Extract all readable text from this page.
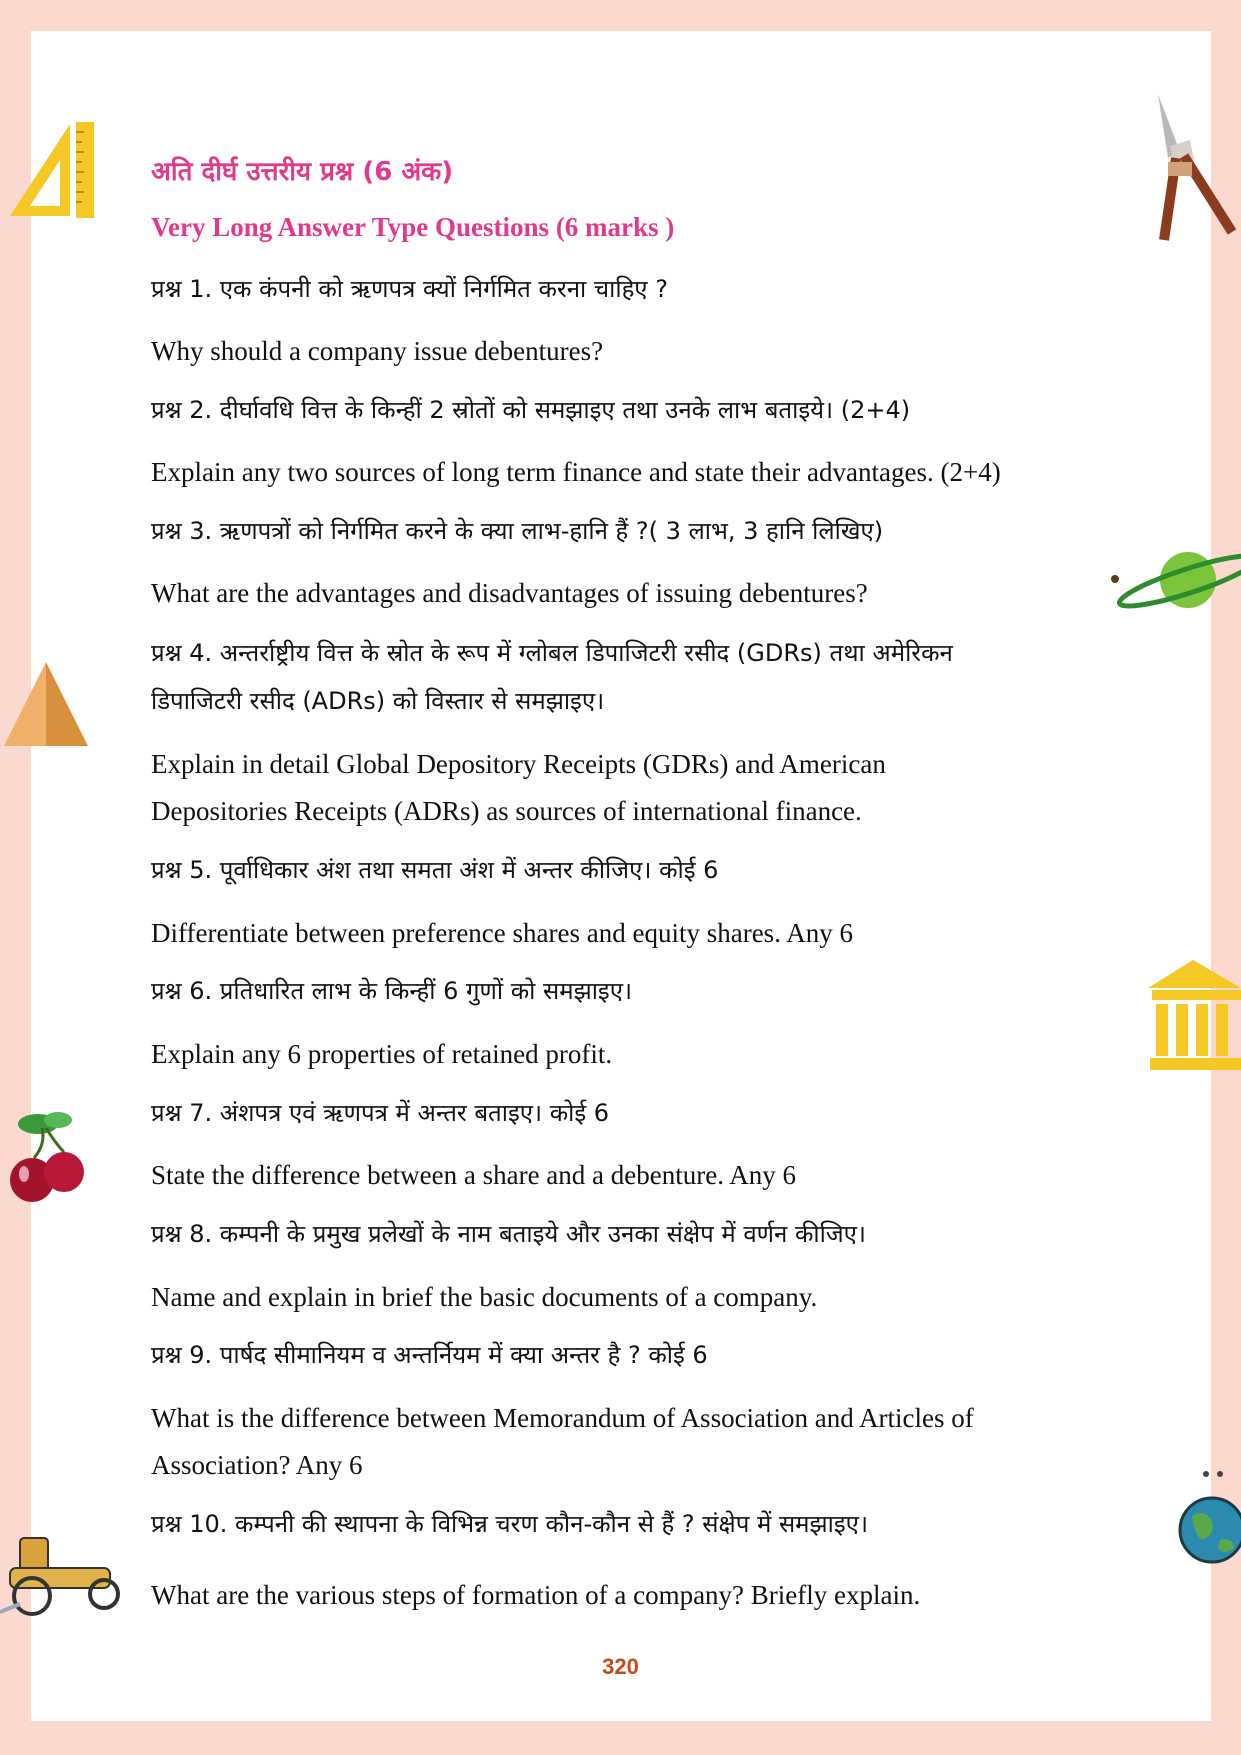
अति दीर्घ उत्तरीय प्रश्न (6 अंक)
Very Long Answer Type Questions (6 marks )
प्रश्न 1. एक कंपनी को ऋणपत्र क्यों निर्गमित करना चाहिए ?
Why should a company issue debentures?
प्रश्न 2. दीर्घावधि वित्त के किन्हीं 2 स्रोतों को समझाइए तथा उनके लाभ बताइये। (2+4)
Explain any two sources of long term finance and state their advantages. (2+4)
प्रश्न 3. ऋणपत्रों को निर्गमित करने के क्या लाभ-हानि हैं ?( 3 लाभ, 3 हानि लिखिए)
What are the advantages and disadvantages of issuing debentures?
प्रश्न 4. अन्तर्राष्ट्रीय वित्त के स्रोत के रूप में ग्लोबल डिपाजिटरी रसीद (GDRs) तथा अमेरिकन
डिपाजिटरी रसीद (ADRs) को विस्तार से समझाइए।
Explain in detail Global Depository Receipts (GDRs) and American
Depositories Receipts (ADRs) as sources of international finance.
प्रश्न 5. पूर्वाधिकार अंश तथा समता अंश में अन्तर कीजिए। कोई 6
Differentiate between preference shares and equity shares. Any 6
प्रश्न 6. प्रतिधारित लाभ के किन्हीं 6 गुणों को समझाइए।
Explain any 6 properties of retained profit.
प्रश्न 7. अंशपत्र एवं ऋणपत्र में अन्तर बताइए। कोई 6
State the difference between a share and a debenture. Any 6
प्रश्न 8. कम्पनी के प्रमुख प्रलेखों के नाम बताइये और उनका संक्षेप में वर्णन कीजिए।
Name and explain in brief the basic documents of a company.
प्रश्न 9. पार्षद सीमानियम व अन्तर्नियम में क्या अन्तर है ? कोई 6
What is the difference between Memorandum of Association and Articles of
Association? Any 6
प्रश्न 10. कम्पनी की स्थापना के विभिन्न चरण कौन-कौन से हैं ? संक्षेप में समझाइए।
What are the various steps of formation of a company? Briefly explain.
320
